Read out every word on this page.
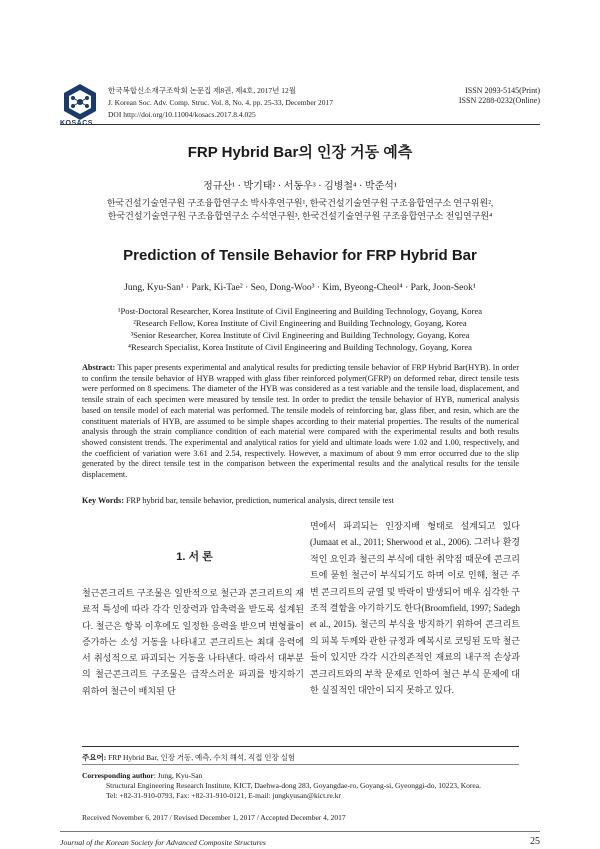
한국복합신소재구조학회 논문집 제8권, 제4호, 2017년 12월
J. Korean Soc. Adv. Comp. Struc. Vol. 8, No. 4, pp. 25-33, December 2017
DOI http://doi.org/10.11004/kosacs.2017.8.4.025
ISSN 2093-5145(Print)
ISSN 2288-0232(Online)
FRP Hybrid Bar의 인장 거동 예측
정규산¹ · 박기태² · 서동우³ · 김병철⁴ · 박준석¹
한국건설기술연구원 구조융합연구소 박사후연구원¹, 한국건설기술연구원 구조융합연구소 연구위원²,
한국건설기술연구원 구조융합연구소 수석연구원³, 한국건설기술연구원 구조융합연구소 전임연구원⁴
Prediction of Tensile Behavior for FRP Hybrid Bar
Jung, Kyu-San¹ · Park, Ki-Tae² · Seo, Dong-Woo³ · Kim, Byeong-Cheol⁴ · Park, Joon-Seok¹
¹Post-Doctoral Researcher, Korea Institute of Civil Engineering and Building Technology, Goyang, Korea
²Research Fellow, Korea Institute of Civil Engineering and Building Technology, Goyang, Korea
³Senior Researcher, Korea Institute of Civil Engineering and Building Technology, Goyang, Korea
⁴Research Specialist, Korea Institute of Civil Engineering and Building Technology, Goyang, Korea
Abstract: This paper presents experimental and analytical results for predicting tensile behavior of FRP Hybrid Bar(HYB). In order to confirm the tensile behavior of HYB wrapped with glass fiber reinforced polymer(GFRP) on deformed rebar, direct tensile tests were performed on 8 specimens. The diameter of the HYB was considered as a test variable and the tensile load, displacement, and tensile strain of each specimen were measured by tensile test. In order to predict the tensile behavior of HYB, numerical analysis based on tensile model of each material was performed. The tensile models of reinforcing bar, glass fiber, and resin, which are the constituent materials of HYB, are assumed to be simple shapes according to their material properties. The results of the numerical analysis through the strain compliance condition of each material were compared with the experimental results and both results showed consistent trends. The experimental and analytical ratios for yield and ultimate loads were 1.02 and 1.00, respectively, and the coefficient of variation were 3.61 and 2.54, respectively. However, a maximum of about 9 mm error occurred due to the slip generated by the direct tensile test in the comparison between the experimental results and the analytical results for the tensile displacement.
Key Words: FRP hybrid bar, tensile behavior, prediction, numerical analysis, direct tensile test
1. 서 론
철근콘크리트 구조물은 일반적으로 철근과 콘크리트의 재료적 특성에 따라 각각 인장력과 압축력을 받도록 설계된다. 철근은 항복 이후에도 일정한 응력을 받으며 변형률이 증가하는 소성 거동을 나타내고 콘크리트는 최대 응력에서 취성적으로 파괴되는 거동을 나타낸다. 따라서 대부분의 철근콘크리트 구조물은 급작스러운 파괴를 방지하기 위하여 철근이 배치된 단
면에서 파괴되는 인장지배 형태로 설계되고 있다(Jumaat et al., 2011; Sherwood et al., 2006). 그러나 환경적인 요인과 철근의 부식에 대한 취약점 때문에 콘크리트에 묻힌 철근이 부식되기도 하며 이로 인해, 철근 주변 콘크리트의 균열 및 박락이 발생되어 매우 심각한 구조적 결함을 야기하기도 한다(Broomfield, 1997; Sadegh et al., 2015). 철근의 부식을 방지하기 위하여 콘크리트의 피복 두께와 관한 규정과 예복시로 코팅된 도막 철근들이 있지만 각각 시간의존적인 재료의 내구적 손상과 콘크리트와의 부착 문제로 인하여 철근 부식 문제에 대한 실질적인 대안이 되지 못하고 있다.
주요어: FRP Hybrid Bar, 인장 거동, 예측, 수치 해석, 직접 인장 실험
Corresponding author: Jung, Kyu-San
Structural Engineering Research Institute, KICT, Daehwa-dong 283, Goyangdae-ro, Goyang-si, Gyeonggi-do, 10223, Korea.
Tel: +82-31-910-0793, Fax: +82-31-910-0121, E-mail: jungkyusan@kict.re.kr
Received November 6, 2017 / Revised December 1, 2017 / Accepted December 4, 2017
Journal of the Korean Society for Advanced Composite Structures	25
